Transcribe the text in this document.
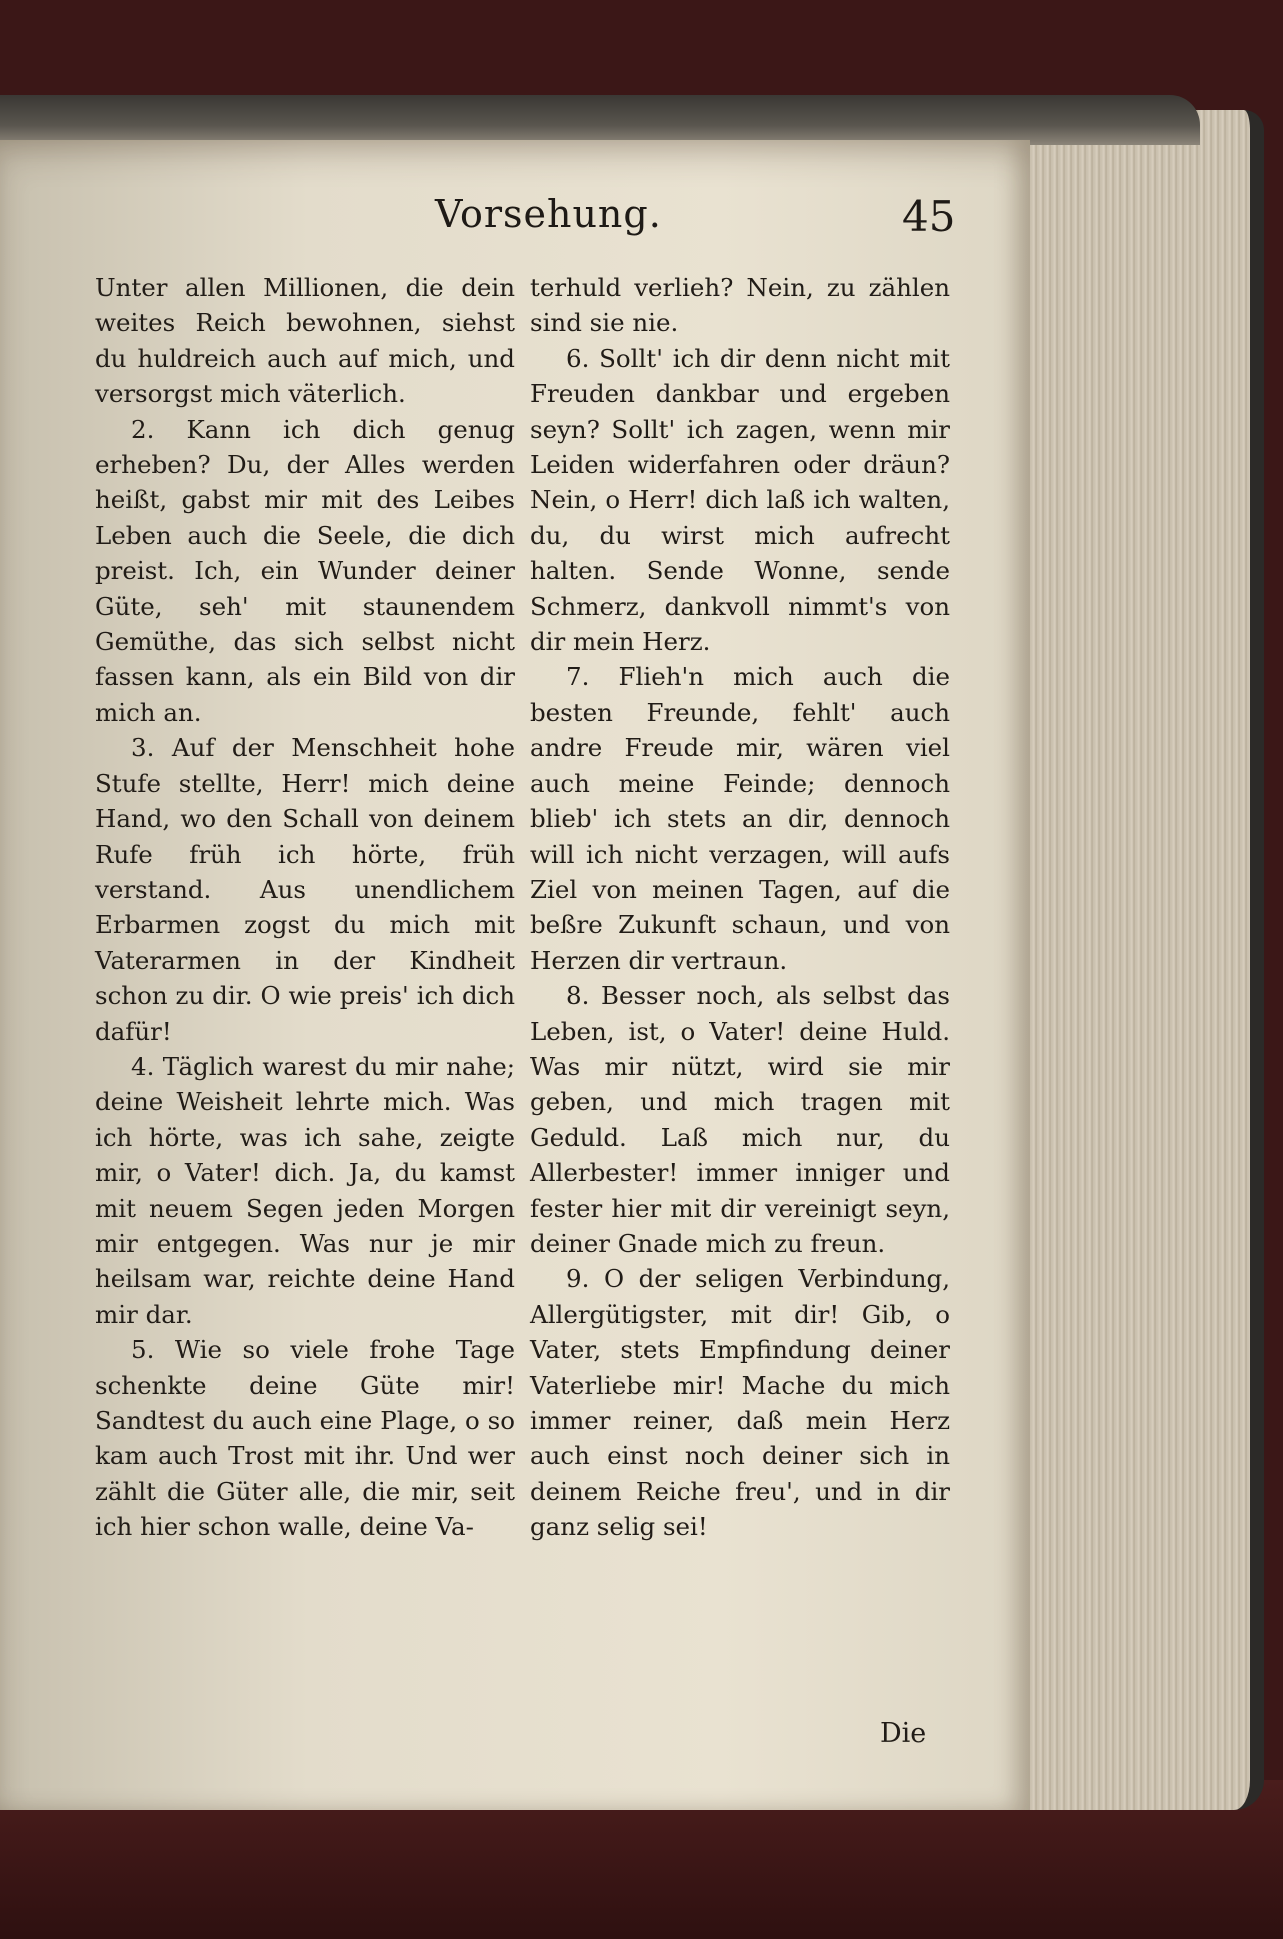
Vorsehung.	45

Unter allen Millionen, die dein weites Reich bewohnen, siehst du huldreich auch auf mich, und versorgst mich väterlich.

2. Kann ich dich genug erheben? Du, der Alles werden heißt, gabst mir mit des Leibes Leben auch die Seele, die dich preist. Ich, ein Wunder deiner Güte, seh' mit staunendem Gemüthe, das sich selbst nicht fassen kann, als ein Bild von dir mich an.

3. Auf der Menschheit hohe Stufe stellte, Herr! mich deine Hand, wo den Schall von deinem Rufe früh ich hörte, früh verstand. Aus unendlichem Erbarmen zogst du mich mit Vaterarmen in der Kindheit schon zu dir. O wie preis' ich dich dafür!

4. Täglich warest du mir nahe; deine Weisheit lehrte mich. Was ich hörte, was ich sahe, zeigte mir, o Vater! dich. Ja, du kamst mit neuem Segen jeden Morgen mir entgegen. Was nur je mir heilsam war, reichte deine Hand mir dar.

5. Wie so viele frohe Tage schenkte deine Güte mir! Sandtest du auch eine Plage, o so kam auch Trost mit ihr. Und wer zählt die Güter alle, die mir, seit ich hier schon walle, deine Va-

terhuld verlieh? Nein, zu zählen sind sie nie.

6. Sollt' ich dir denn nicht mit Freuden dankbar und ergeben seyn? Sollt' ich zagen, wenn mir Leiden widerfahren oder dräun? Nein, o Herr! dich laß ich walten, du, du wirst mich aufrecht halten. Sende Wonne, sende Schmerz, dankvoll nimmt's von dir mein Herz.

7. Flieh'n mich auch die besten Freunde, fehlt' auch andre Freude mir, wären viel auch meine Feinde; dennoch blieb' ich stets an dir, dennoch will ich nicht verzagen, will aufs Ziel von meinen Tagen, auf die beßre Zukunft schaun, und von Herzen dir vertraun.

8. Besser noch, als selbst das Leben, ist, o Vater! deine Huld. Was mir nützt, wird sie mir geben, und mich tragen mit Geduld. Laß mich nur, du Allerbester! immer inniger und fester hier mit dir vereinigt seyn, deiner Gnade mich zu freun.

9. O der seligen Verbindung, Allergütigster, mit dir! Gib, o Vater, stets Empfindung deiner Vaterliebe mir! Mache du mich immer reiner, daß mein Herz auch einst noch deiner sich in deinem Reiche freu', und in dir ganz selig sei!

Die
